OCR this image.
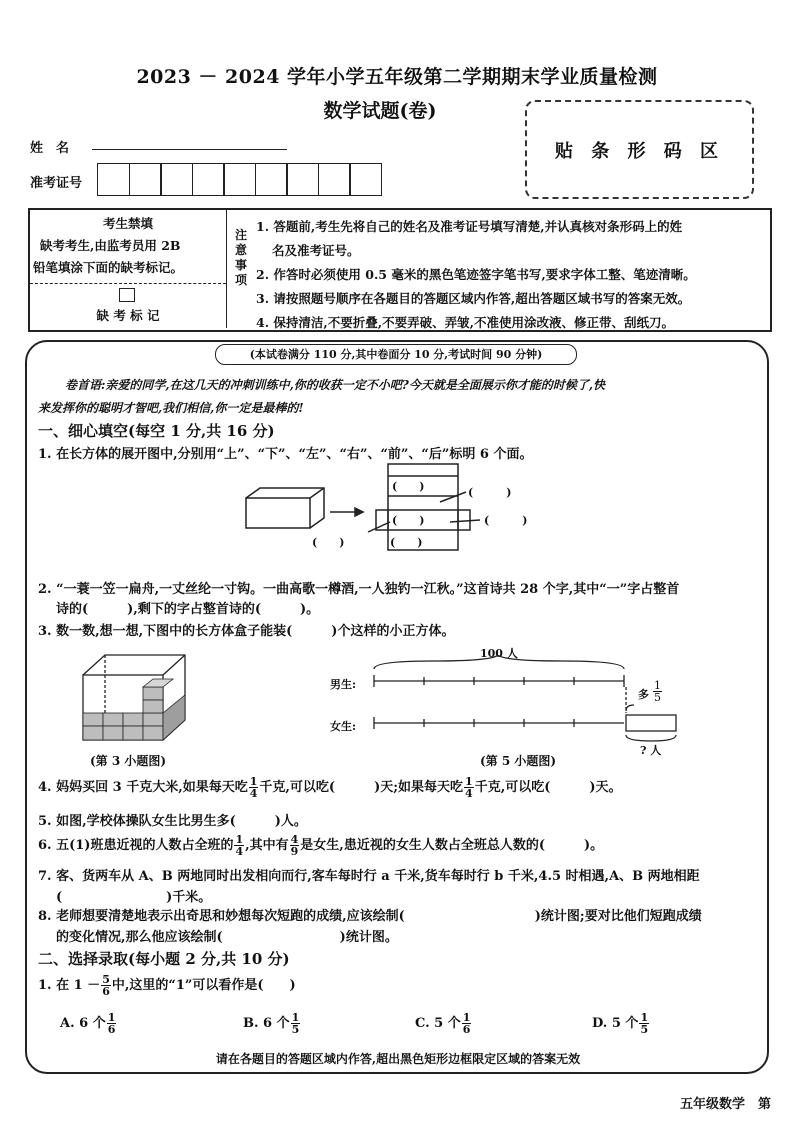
2023 － 2024 学年小学五年级第二学期期末学业质量检测
数学试题(卷)
贴 条 形 码 区
姓　名
准考证号
考生禁填
缺考考生,由监考员用 2B
铅笔填涂下面的缺考标记。
缺 考 标 记
注
意
事
项
1. 答题前,考生先将自己的姓名及准考证号填写清楚,并认真核对条形码上的姓
名及准考证号。
2. 作答时必须使用 0.5 毫米的黑色笔迹签字笔书写,要求字体工整、笔迹清晰。
3. 请按照题号顺序在各题目的答题区域内作答,超出答题区域书写的答案无效。
4. 保持清洁,不要折叠,不要弄破、弄皱,不准使用涂改液、修正带、刮纸刀。
(本试卷满分 110 分,其中卷面分 10 分,考试时间 90 分钟)
卷首语:亲爱的同学,在这几天的冲刺训练中,你的收获一定不小吧?今天就是全面展示你才能的时候了,快
来发挥你的聪明才智吧,我们相信,你一定是最棒的!
一、细心填空(每空 1 分,共 16 分)
1. 在长方体的展开图中,分别用“上”、“下”、“左”、“右”、“前”、“后”标明 6 个面。
(　　)
(　　)
(　　)
(　　　)
(　　　)
(　　)
2. “一蓑一笠一扁舟,一丈丝纶一寸钩。一曲高歌一樽酒,一人独钓一江秋。”这首诗共 28 个字,其中“一”字占整首
诗的(　　　),剩下的字占整首诗的(　　　)。
3. 数一数,想一想,下图中的长方体盒子能装(　　　)个这样的小正方体。
(第 3 小题图)
男生:
女生:
100 人
多 $\frac{1}{5}$
? 人
(第 5 小题图)
4. 妈妈买回 3 千克大米,如果每天吃 $\frac{1}{4}$ 千克,可以吃(　　　)天;如果每天吃 $\frac{1}{4}$ 千克,可以吃(　　　)天。
5. 如图,学校体操队女生比男生多(　　　)人。
6. 五(1)班患近视的人数占全班的 $\frac{1}{4}$ ,其中有 $\frac{4}{9}$ 是女生,患近视的女生人数占全班总人数的(　　　)。
7. 客、货两车从 A、B 两地同时出发相向而行,客车每时行 a 千米,货车每时行 b 千米,4.5 时相遇,A、B 两地相距
(　　　　　　　　)千米。
8. 老师想要清楚地表示出奇思和妙想每次短跑的成绩,应该绘制(　　　　　　　　　　)统计图;要对比他们短跑成绩
的变化情况,那么他应该绘制(　　　　　　　　　)统计图。
二、选择录取(每小题 2 分,共 10 分)
1. 在 $1 - \frac{5}{6}$ 中,这里的“1”可以看作是(　　)
A. 6 个 $\frac{1}{6}$	B. 6 个 $\frac{1}{5}$	C. 5 个 $\frac{1}{6}$	D. 5 个 $\frac{1}{5}$
请在各题目的答题区域内作答,超出黑色矩形边框限定区域的答案无效
五年级数学　第
